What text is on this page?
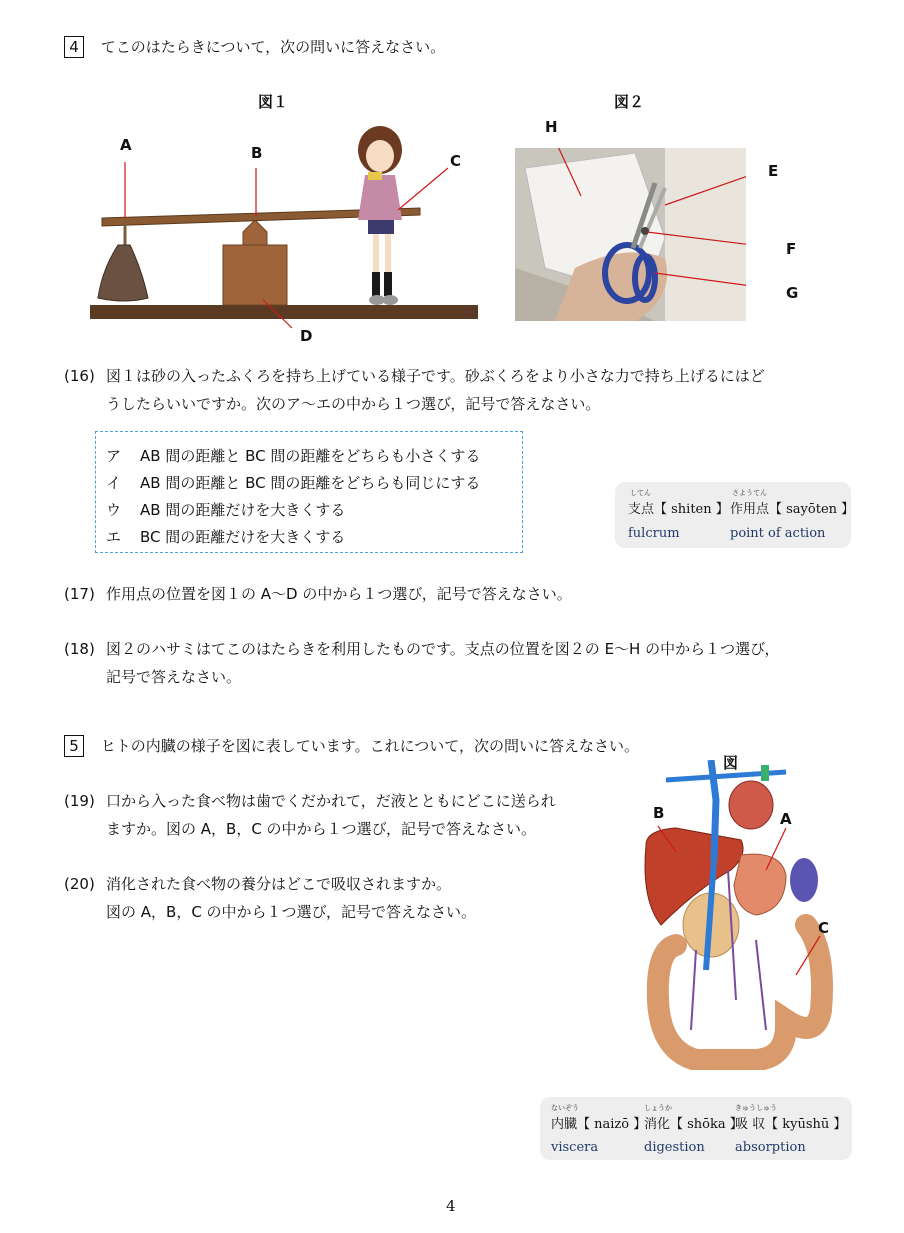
4 てこのはたらきについて，次の問いに答えなさい。
図１
A	B	C
D
図２
H
E
F
G
(16) 図１は砂の入ったふくろを持ち上げている様子です。砂ぶくろをより小さな力で持ち上げるにはど
うしたらいいですか。次のア～エの中から１つ選び，記号で答えなさい。
ア AB 間の距離と BC 間の距離をどちらも小さくする
イ AB 間の距離と BC 間の距離をどちらも同じにする
ウ AB 間の距離だけを大きくする
エ BC 間の距離だけを大きくする
してん
支点【 shiten 】
fulcrum
さようてん
作用点【 sayōten 】
point of action
(17) 作用点の位置を図１の A～D の中から１つ選び，記号で答えなさい。
(18) 図２のハサミはてこのはたらきを利用したものです。支点の位置を図２の E～H の中から１つ選び，
記号で答えなさい。
5 ヒトの内臓の様子を図に表しています。これについて，次の問いに答えなさい。
(19) 口から入った食べ物は歯でくだかれて，だ液とともにどこに送られ
ますか。図の A，B，C の中から１つ選び，記号で答えなさい。
(20) 消化された食べ物の養分はどこで吸収されますか。
図の A，B，C の中から１つ選び，記号で答えなさい。
図
B	A
C
ないぞう
内臓【 naizō 】
viscera
しょうか
消化【 shōka 】
digestion
きゅうしゅう
吸 収【 kyūshū 】
absorption
4
